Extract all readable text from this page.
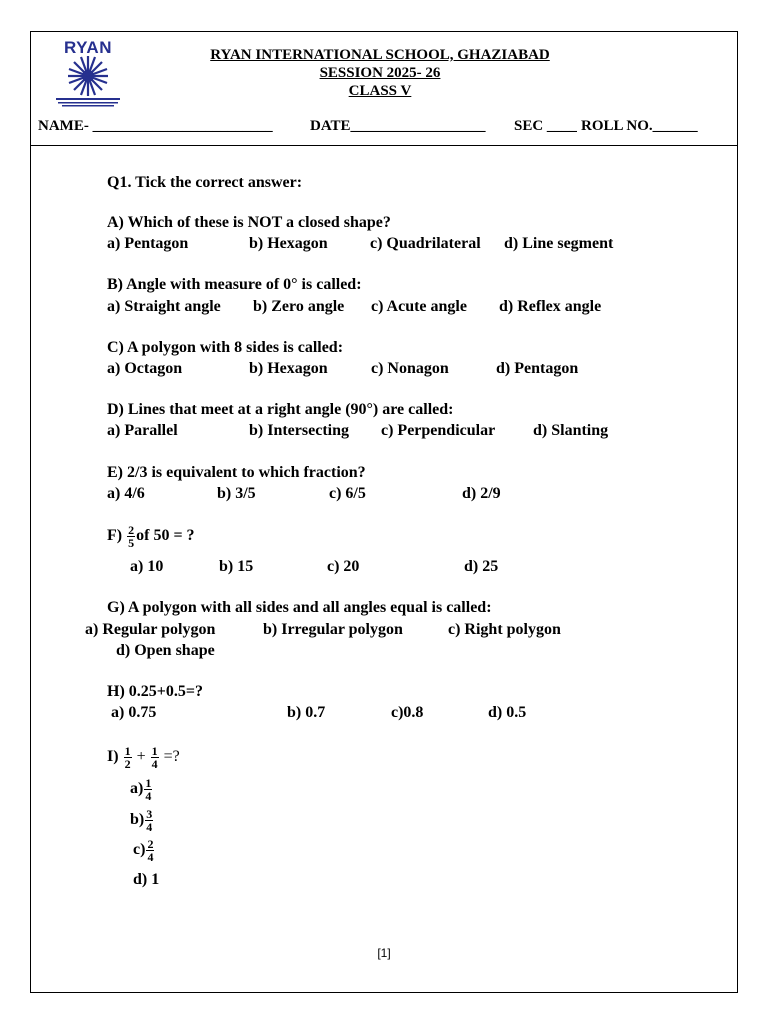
RYAN	RYAN INTERNATIONAL SCHOOL, GHAZIABAD
SESSION 2025- 26
CLASS V
NAME- ________________________ DATE__________________ SEC ____ ROLL NO.______
Q1. Tick the correct answer:
A) Which of these is NOT a closed shape?
a) Pentagon	b) Hexagon	c) Quadrilateral d) Line segment
B) Angle with measure of 0° is called:
a) Straight angle b) Zero angle c) Acute angle d) Reflex angle
C) A polygon with 8 sides is called:
a) Octagon	b) Hexagon	c) Nonagon	d) Pentagon
D) Lines that meet at a right angle (90°) are called:
a) Parallel	b) Intersecting c) Perpendicular d) Slanting
E) 2/3 is equivalent to which fraction?
a) 4/6	b) 3/5	c) 6/5	d) 2/9
$F) \frac{2}{5}$ of 50 = ?
a) 10	b) 15	c) 20	d) 25
G) A polygon with all sides and all angles equal is called:
a) Regular polygon	b) Irregular polygon	c) Right polygon
d) Open shape
H) 0.25+0.5=?
a) 0.75	b) 0.7	c)0.8	d) 0.5
$I) \frac{1}{2} + \frac{1}{4}$ =?
$a) \frac{1}{4}$
$b) \frac{3}{4}$
$c) \frac{2}{4}$
d) 1
[1]
